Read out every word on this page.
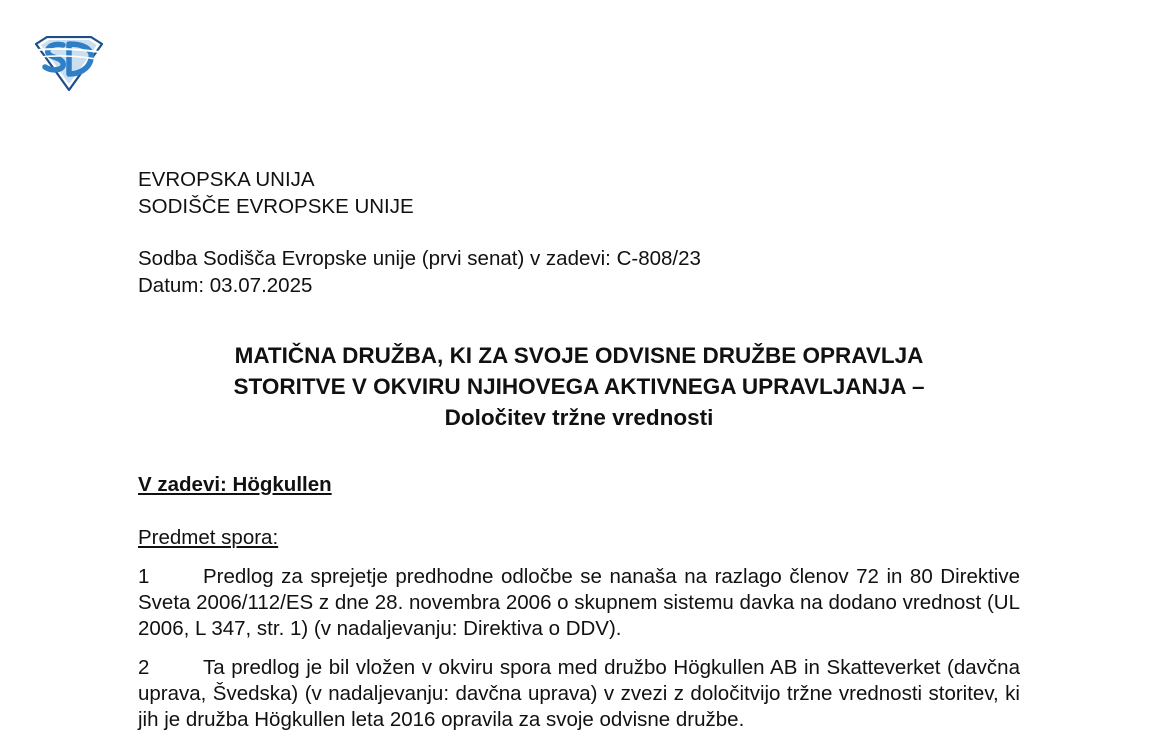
EVROPSKA UNIJA
SODIŠČE EVROPSKE UNIJE
Sodba Sodišča Evropske unije (prvi senat) v zadevi: C-808/23
Datum: 03.07.2025
MATIČNA DRUŽBA, KI ZA SVOJE ODVISNE DRUŽBE OPRAVLJA
STORITVE V OKVIRU NJIHOVEGA AKTIVNEGA UPRAVLJANJA –
Določitev tržne vrednosti
V zadevi: Högkullen
Predmet spora:
1	Predlog za sprejetje predhodne odločbe se nanaša na razlago členov 72 in 80 Direktive Sveta 2006/112/ES z dne 28. novembra 2006 o skupnem sistemu davka na dodano vrednost (UL 2006, L 347, str. 1) (v nadaljevanju: Direktiva o DDV).
2	Ta predlog je bil vložen v okviru spora med družbo Högkullen AB in Skatteverket (davčna uprava, Švedska) (v nadaljevanju: davčna uprava) v zvezi z določitvijo tržne vrednosti storitev, ki jih je družba Högkullen leta 2016 opravila za svoje odvisne družbe.
